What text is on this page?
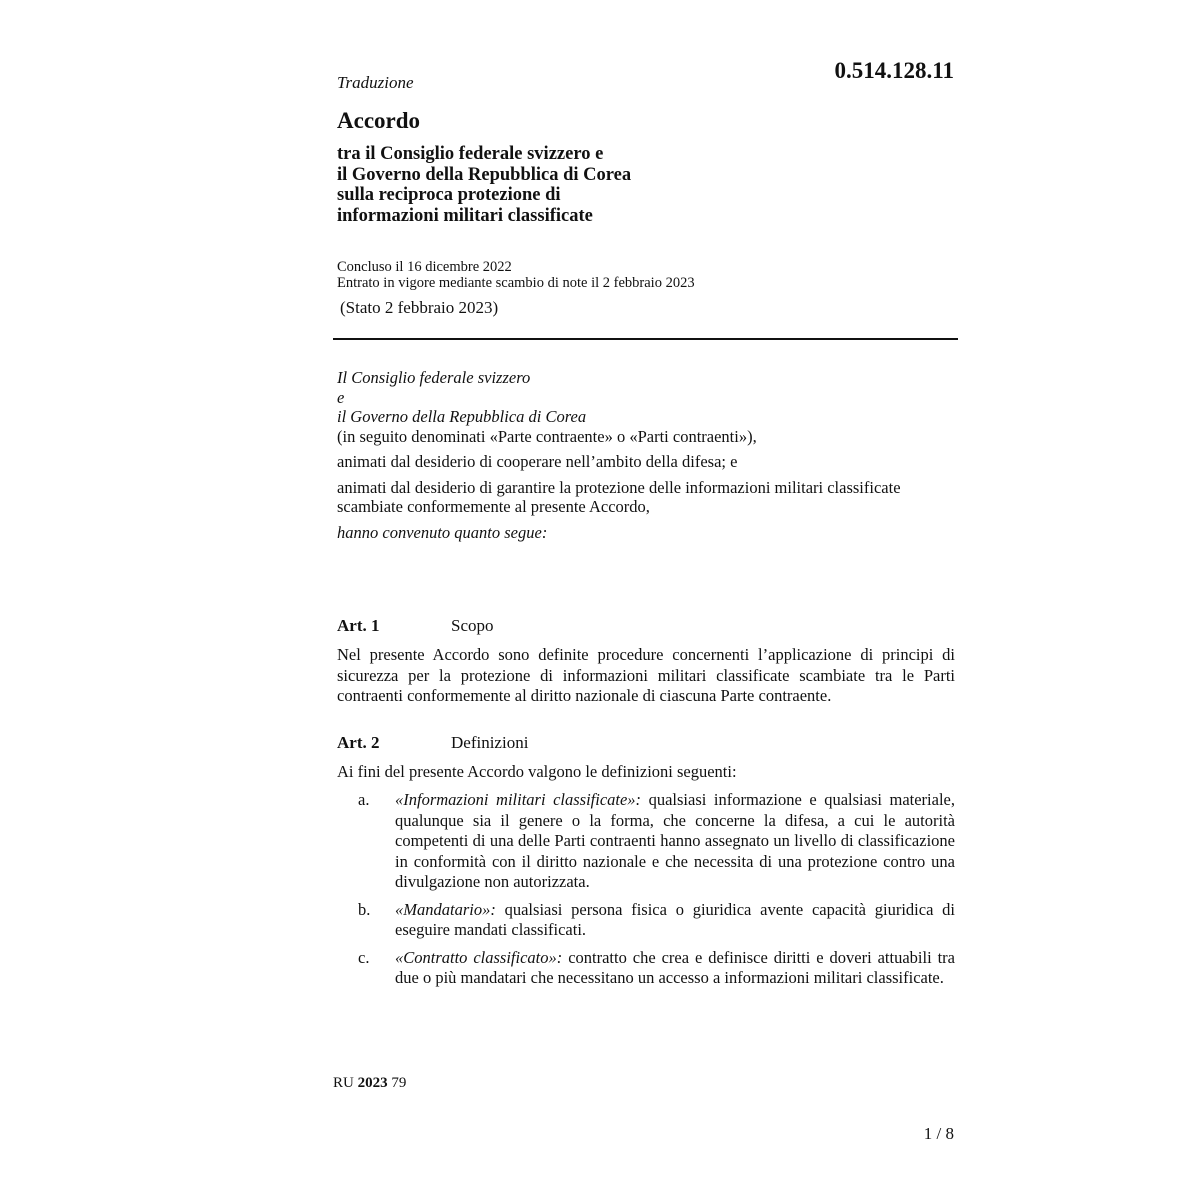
0.514.128.11
Traduzione
Accordo
tra il Consiglio federale svizzero e
il Governo della Repubblica di Corea
sulla reciproca protezione di
informazioni militari classificate
Concluso il 16 dicembre 2022
Entrato in vigore mediante scambio di note il 2 febbraio 2023
(Stato 2 febbraio 2023)
Il Consiglio federale svizzero
e
il Governo della Repubblica di Corea
(in seguito denominati «Parte contraente» o «Parti contraenti»),
animati dal desiderio di cooperare nell’ambito della difesa; e
animati dal desiderio di garantire la protezione delle informazioni militari classificate scambiate conformemente al presente Accordo,
hanno convenuto quanto segue:
Art. 1	Scopo
Nel presente Accordo sono definite procedure concernenti l’applicazione di principi di sicurezza per la protezione di informazioni militari classificate scambiate tra le Parti contraenti conformemente al diritto nazionale di ciascuna Parte contraente.
Art. 2	Definizioni
Ai fini del presente Accordo valgono le definizioni seguenti:
a. «Informazioni militari classificate»: qualsiasi informazione e qualsiasi materiale, qualunque sia il genere o la forma, che concerne la difesa, a cui le autorità competenti di una delle Parti contraenti hanno assegnato un livello di classificazione in conformità con il diritto nazionale e che necessita di una protezione contro una divulgazione non autorizzata.
b. «Mandatario»: qualsiasi persona fisica o giuridica avente capacità giuridica di eseguire mandati classificati.
c. «Contratto classificato»: contratto che crea e definisce diritti e doveri attuabili tra due o più mandatari che necessitano un accesso a informazioni militari classificate.
RU 2023 79
1 / 8
